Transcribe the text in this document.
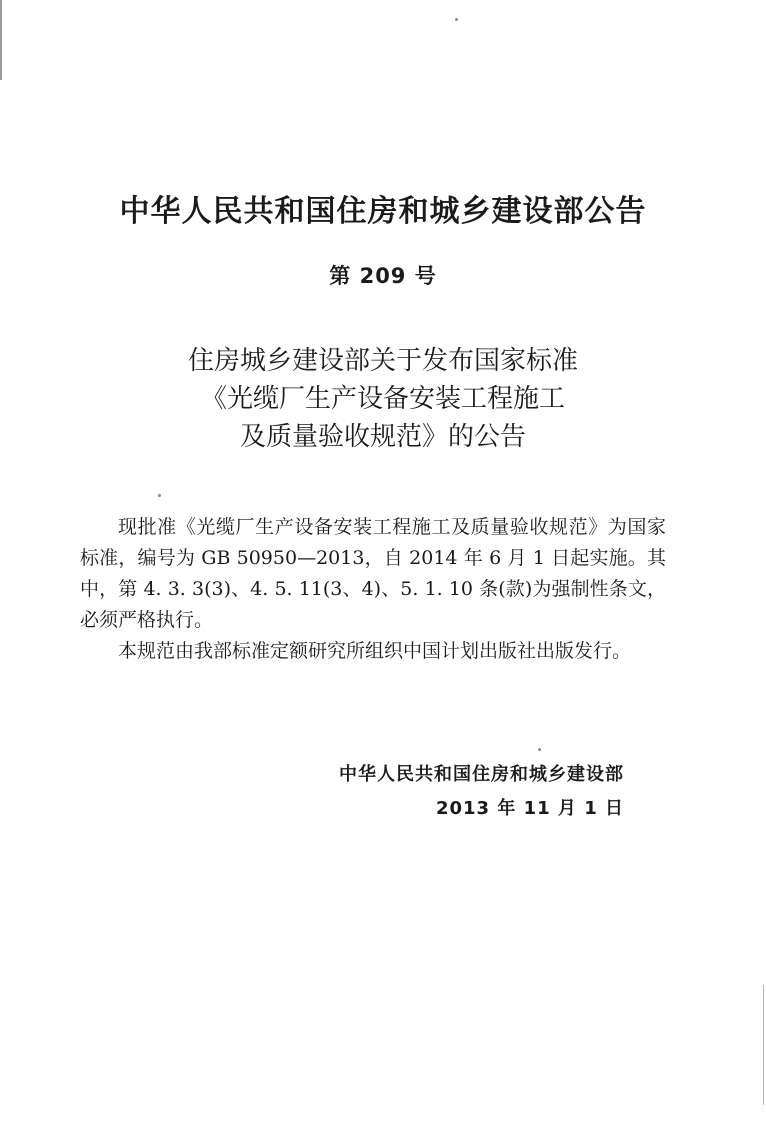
中华人民共和国住房和城乡建设部公告
第 209 号
住房城乡建设部关于发布国家标准
《光缆厂生产设备安装工程施工
及质量验收规范》的公告

现批准《光缆厂生产设备安装工程施工及质量验收规范》为国家标准，编号为 GB 50950—2013，自 2014 年 6 月 1 日起实施。其中，第 4. 3. 3(3)、4. 5. 11(3、4)、5. 1. 10 条(款)为强制性条文，必须严格执行。

本规范由我部标准定额研究所组织中国计划出版社出版发行。

中华人民共和国住房和城乡建设部
2013 年 11 月 1 日
